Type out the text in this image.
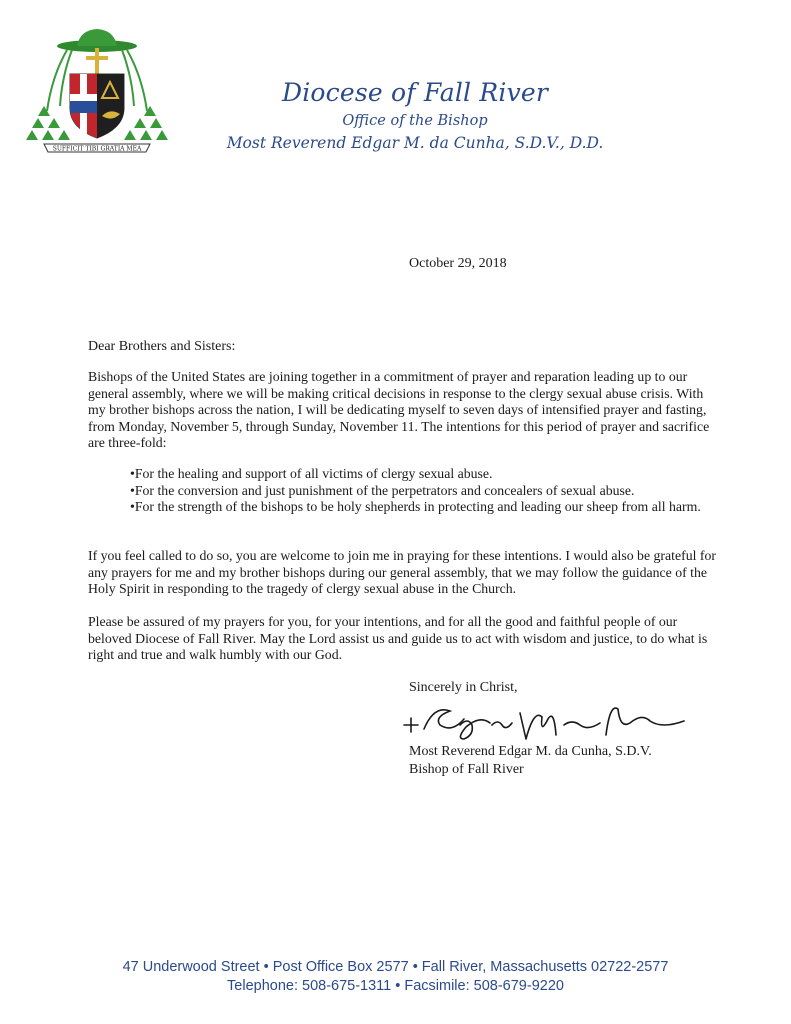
SUFFICIT TIBI GRATIA MEA
Diocese of Fall River
Office of the Bishop
Most Reverend Edgar M. da Cunha, S.D.V., D.D.
October 29, 2018
Dear Brothers and Sisters:

Bishops of the United States are joining together in a commitment of prayer and reparation leading up to our general assembly, where we will be making critical decisions in response to the clergy sexual abuse crisis. With my brother bishops across the nation, I will be dedicating myself to seven days of intensified prayer and fasting, from Monday, November 5, through Sunday, November 11. The intentions for this period of prayer and sacrifice are three-fold:

• For the healing and support of all victims of clergy sexual abuse.
• For the conversion and just punishment of the perpetrators and concealers of sexual abuse.
• For the strength of the bishops to be holy shepherds in protecting and leading our sheep from all harm.

If you feel called to do so, you are welcome to join me in praying for these intentions. I would also be grateful for any prayers for me and my brother bishops during our general assembly, that we may follow the guidance of the Holy Spirit in responding to the tragedy of clergy sexual abuse in the Church.

Please be assured of my prayers for you, for your intentions, and for all the good and faithful people of our beloved Diocese of Fall River. May the Lord assist us and guide us to act with wisdom and justice, to do what is right and true and walk humbly with our God.

Sincerely in Christ,
Most Reverend Edgar M. da Cunha, S.D.V.
Bishop of Fall River
47 Underwood Street • Post Office Box 2577 • Fall River, Massachusetts 02722-2577
Telephone: 508-675-1311 • Facsimile: 508-679-9220
